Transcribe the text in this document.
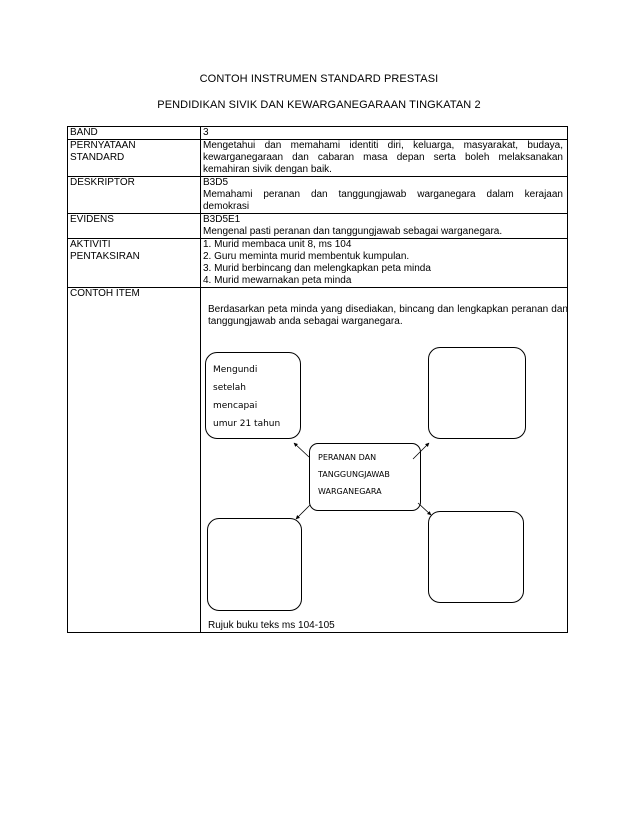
CONTOH INSTRUMEN STANDARD PRESTASI
PENDIDIKAN SIVIK DAN KEWARGANEGARAAN TINGKATAN 2
BAND	3
PERNYATAAN
STANDARD	Mengetahui dan memahami identiti diri, keluarga, masyarakat, budaya, kewarganegaraan dan cabaran masa depan serta boleh melaksanakan kemahiran sivik dengan baik.
DESKRIPTOR	B3D5
Memahami peranan dan tanggungjawab warganegara dalam kerajaan demokrasi

EVIDENS	B3D5E1
Mengenal pasti peranan dan tanggungjawab sebagai warganegara.

AKTIVITI
PENTAKSIRAN	1. Murid membaca unit 8, ms 104
2. Guru meminta murid membentuk kumpulan.
3. Murid berbincang dan melengkapkan peta minda
4. Murid mewarnakan peta minda

CONTOH ITEM	Berdasarkan peta minda yang disediakan, bincang dan lengkapkan peranan dan tanggungjawab anda sebagai warganegara.
Rujuk buku teks ms 104-105
Mengundi
setelah
mencapai
umur 21 tahun
PERANAN DAN
TANGGUNGJAWAB
WARGANEGARA
